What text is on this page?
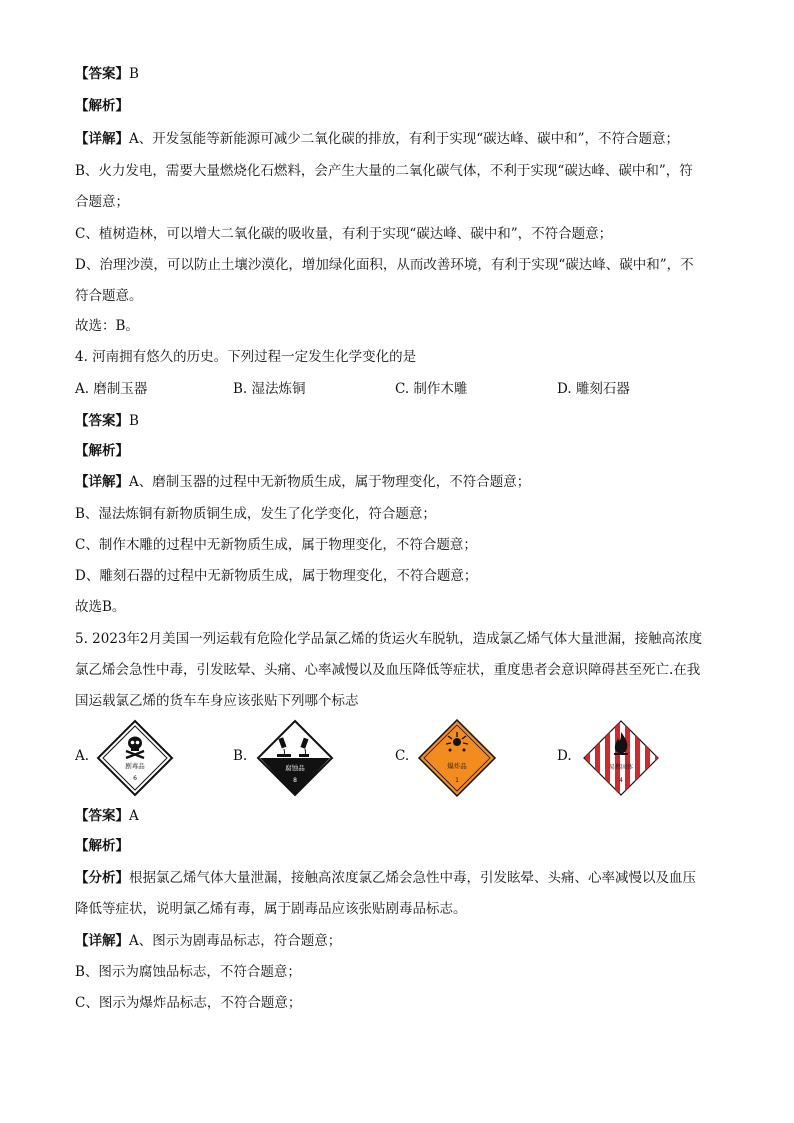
【答案】B
【解析】
【详解】A、开发氢能等新能源可减少二氧化碳的排放，有利于实现“碳达峰、碳中和”，不符合题意；
B、火力发电，需要大量燃烧化石燃料，会产生大量的二氧化碳气体，不利于实现“碳达峰、碳中和”，符
合题意；
C、植树造林，可以增大二氧化碳的吸收量，有利于实现“碳达峰、碳中和”，不符合题意；
D、治理沙漠，可以防止土壤沙漠化，增加绿化面积，从而改善环境，有利于实现“碳达峰、碳中和”，不
符合题意。
故选：B。
4. 河南拥有悠久的历史。下列过程一定发生化学变化的是
A. 磨制玉器	B. 湿法炼铜	C. 制作木雕	D. 雕刻石器
【答案】B
【解析】
【详解】A、磨制玉器的过程中无新物质生成，属于物理变化，不符合题意；
B、湿法炼铜有新物质铜生成，发生了化学变化，符合题意；
C、制作木雕的过程中无新物质生成，属于物理变化，不符合题意；
D、雕刻石器的过程中无新物质生成，属于物理变化，不符合题意；
故选B。
5. 2023年2月美国一列运载有危险化学品氯乙烯的货运火车脱轨，造成氯乙烯气体大量泄漏，接触高浓度
氯乙烯会急性中毒，引发眩晕、头痛、心率减慢以及血压降低等症状，重度患者会意识障碍甚至死亡.在我
国运载氯乙烯的货车车身应该张贴下列哪个标志
A.
剧毒品
6
B.
腐蚀品
8
C.
爆炸品
1
D.
易燃固体
4
【答案】A
【解析】
【分析】根据氯乙烯气体大量泄漏，接触高浓度氯乙烯会急性中毒，引发眩晕、头痛、心率减慢以及血压
降低等症状，说明氯乙烯有毒，属于剧毒品应该张贴剧毒品标志。
【详解】A、图示为剧毒品标志，符合题意；
B、图示为腐蚀品标志，不符合题意；
C、图示为爆炸品标志，不符合题意；
